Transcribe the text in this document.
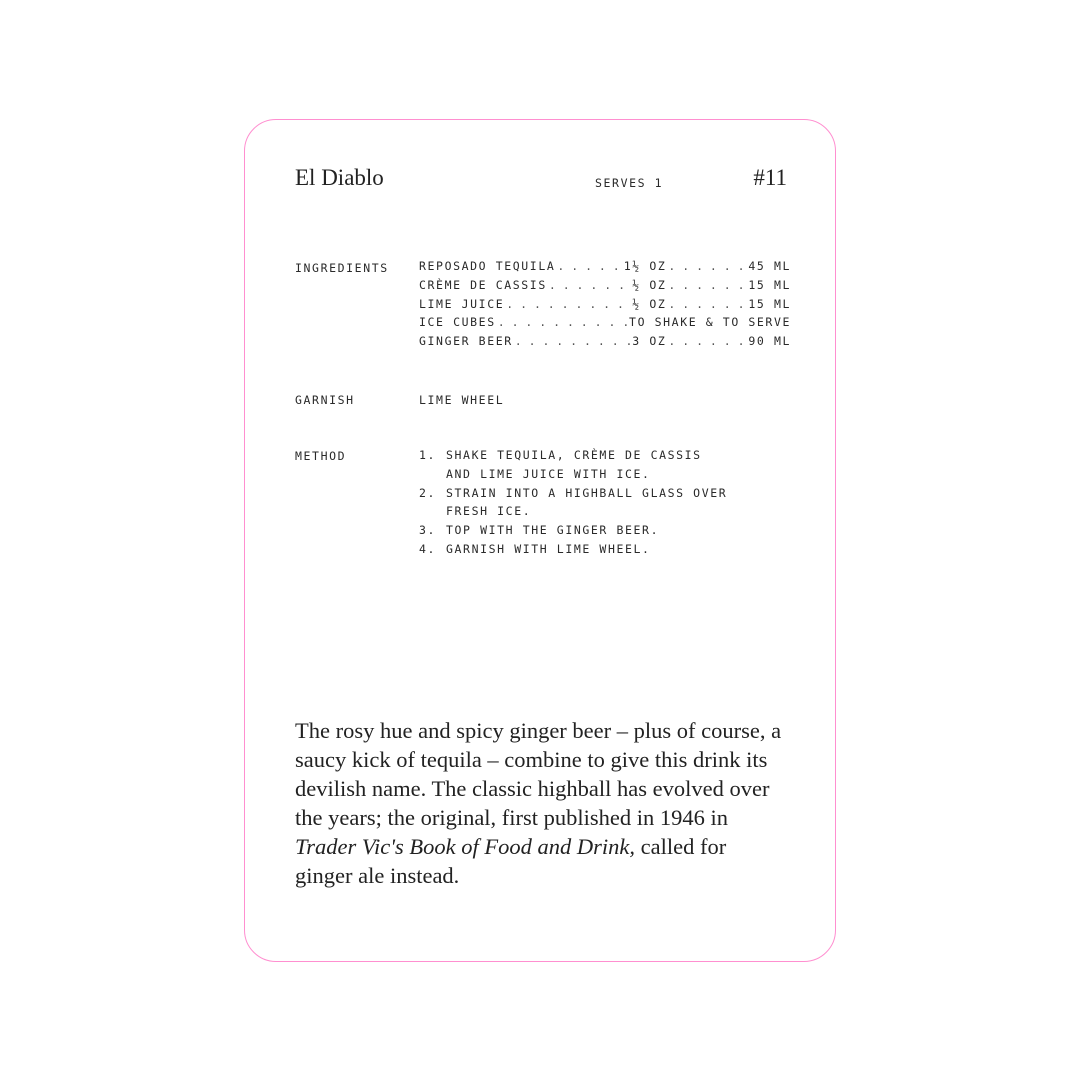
El Diablo	SERVES 1	#11
INGREDIENTS	REPOSADO TEQUILA . . .	1½ OZ . . .	45 ML
CRÈME DE CASSIS . . .	½ OZ . . .	15 ML
LIME JUICE . . .	½ OZ . . .	15 ML
ICE CUBES . . .	TO SHAKE & TO SERVE
GINGER BEER . . .	3 OZ . . .	90 ML
GARNISH	LIME WHEEL
METHOD	1. SHAKE TEQUILA, CRÈME DE CASSIS
AND LIME JUICE WITH ICE.
2. STRAIN INTO A HIGHBALL GLASS OVER
FRESH ICE.
3. TOP WITH THE GINGER BEER.
4. GARNISH WITH LIME WHEEL.
The rosy hue and spicy ginger beer – plus of course, a saucy kick of tequila – combine to give this drink its devilish name. The classic highball has evolved over the years; the original, first published in 1946 in Trader Vic's Book of Food and Drink, called for ginger ale instead.
